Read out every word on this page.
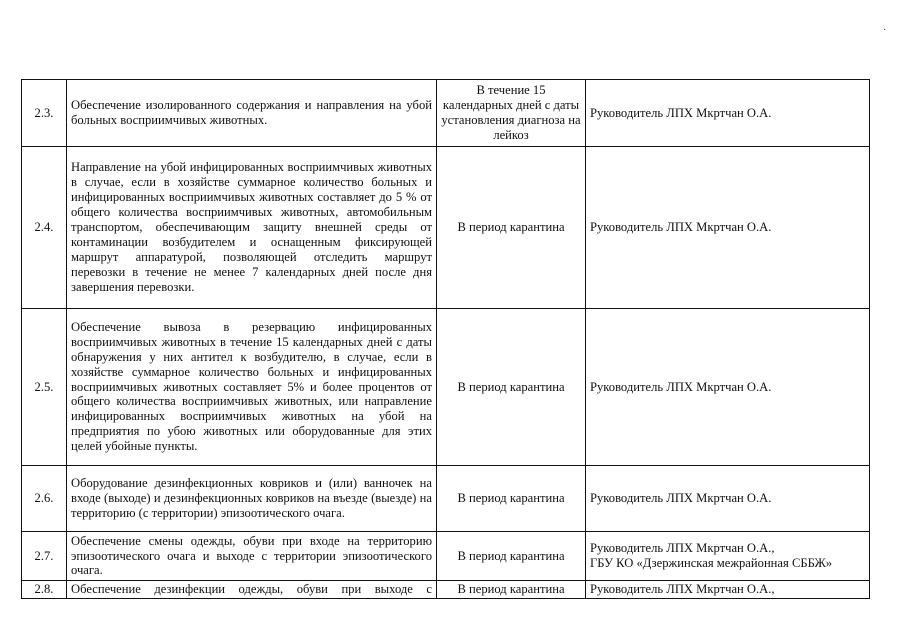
·
2.3.	Обеспечение изолированного содержания и направления на убой больных восприимчивых животных.	В течение 15 календарных дней с даты установления диагноза на лейкоз	Руководитель ЛПХ Мкртчан О.А.
2.4.	Направление на убой инфицированных восприимчивых животных в случае, если в хозяйстве суммарное количество больных и инфицированных восприимчивых животных составляет до 5 % от общего количества восприимчивых животных, автомобильным транспортом, обеспечивающим защиту внешней среды от контаминации возбудителем и оснащенным фиксирующей маршрут аппаратурой, позволяющей отследить маршрут перевозки в течение не менее 7 календарных дней после дня завершения перевозки.	В период карантина	Руководитель ЛПХ Мкртчан О.А.
2.5.	Обеспечение вывоза в резервацию инфицированных восприимчивых животных в течение 15 календарных дней с даты обнаружения у них антител к возбудителю, в случае, если в хозяйстве суммарное количество больных и инфицированных восприимчивых животных составляет 5% и более процентов от общего количества восприимчивых животных, или направление инфицированных восприимчивых животных на убой на предприятия по убою животных или оборудованные для этих целей убойные пункты.	В период карантина	Руководитель ЛПХ Мкртчан О.А.
2.6.	Оборудование дезинфекционных ковриков и (или) ванночек на входе (выходе) и дезинфекционных ковриков на въезде (выезде) на территорию (с территории) эпизоотического очага.	В период карантина	Руководитель ЛПХ Мкртчан О.А.
2.7.	Обеспечение смены одежды, обуви при входе на территорию эпизоотического очага и выходе с территории эпизоотического очага.	В период карантина	Руководитель ЛПХ Мкртчан О.А.,
ГБУ КО «Дзержинская межрайонная СББЖ»
2.8.	Обеспечение дезинфекции одежды, обуви при выходе с	В период карантина	Руководитель ЛПХ Мкртчан О.А.,
